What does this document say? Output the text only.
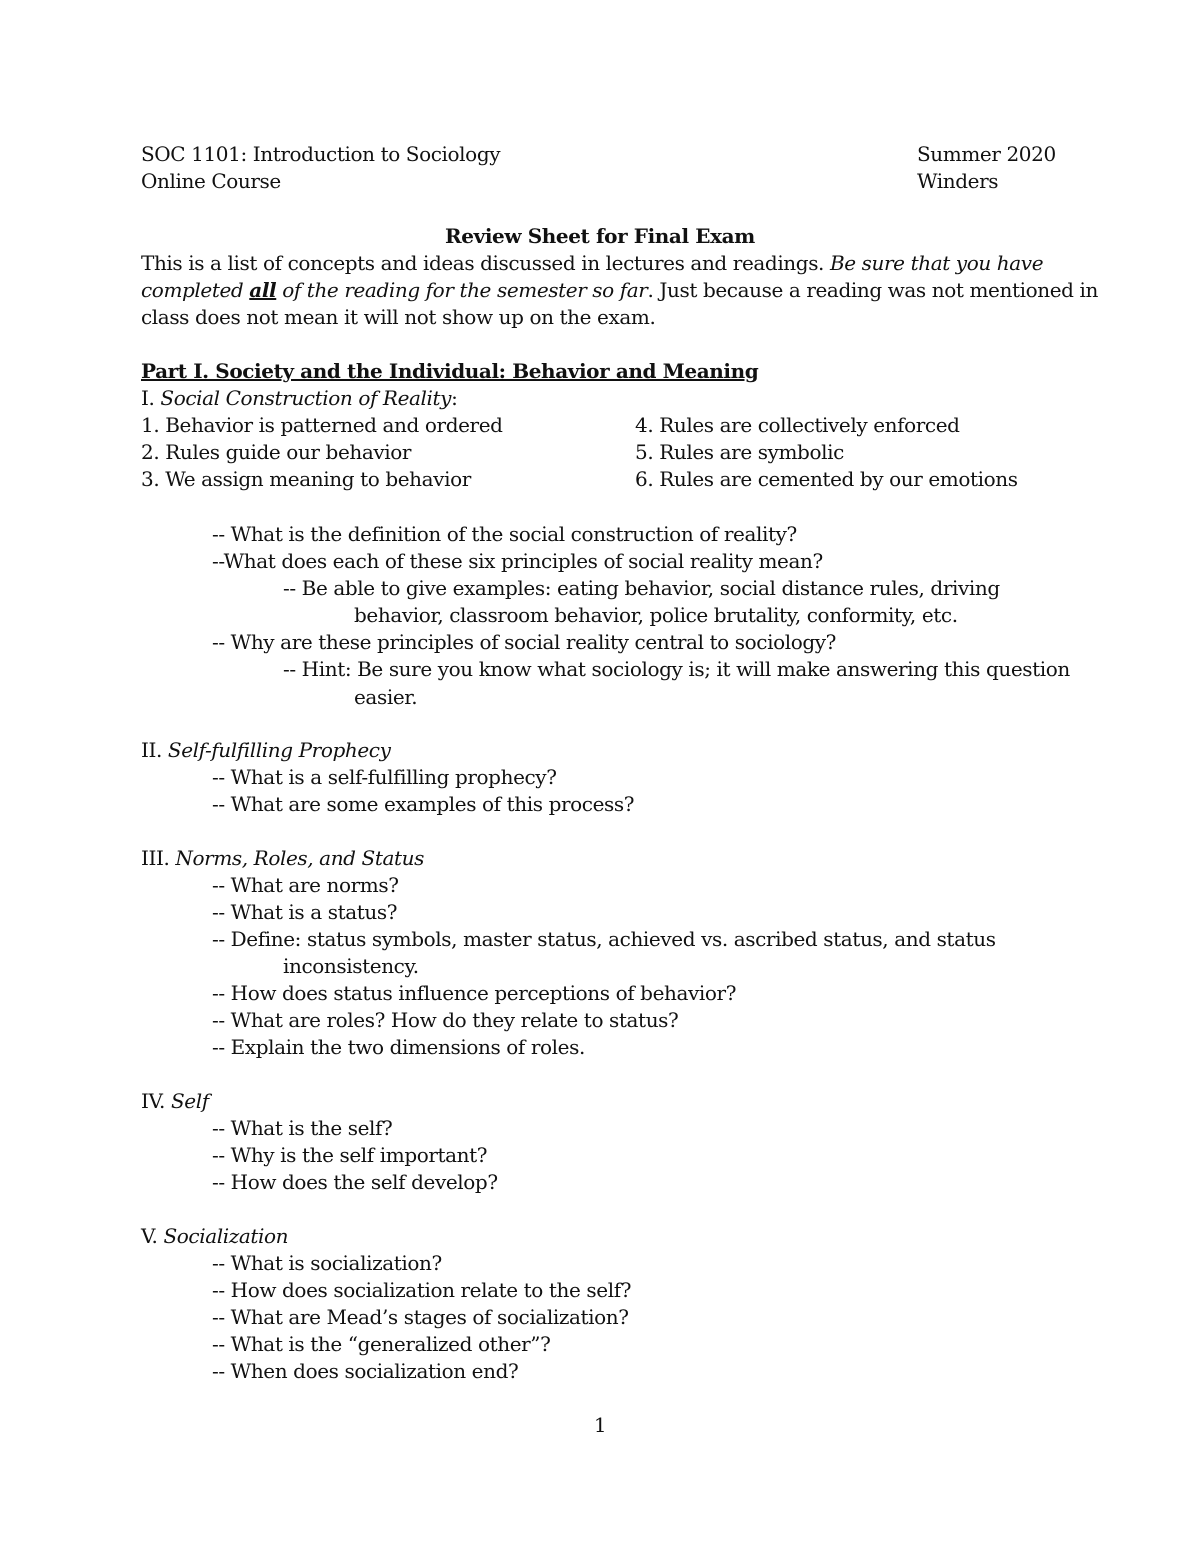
SOC 1101: Introduction to Sociology	Summer 2020
Online Course	Winders
Review Sheet for Final Exam
This is a list of concepts and ideas discussed in lectures and readings. Be sure that you have
completed all of the reading for the semester so far. Just because a reading was not mentioned in
class does not mean it will not show up on the exam.
Part I. Society and the Individual: Behavior and Meaning
I. Social Construction of Reality:
1. Behavior is patterned and ordered
2. Rules guide our behavior
3. We assign meaning to behavior
4. Rules are collectively enforced
5. Rules are symbolic
6. Rules are cemented by our emotions
-- What is the definition of the social construction of reality?
--What does each of these six principles of social reality mean?
-- Be able to give examples: eating behavior, social distance rules, driving
behavior, classroom behavior, police brutality, conformity, etc.
-- Why are these principles of social reality central to sociology?
-- Hint: Be sure you know what sociology is; it will make answering this question
easier.
II. Self-fulfilling Prophecy
-- What is a self-fulfilling prophecy?
-- What are some examples of this process?
III. Norms, Roles, and Status
-- What are norms?
-- What is a status?
-- Define: status symbols, master status, achieved vs. ascribed status, and status
inconsistency.
-- How does status influence perceptions of behavior?
-- What are roles? How do they relate to status?
-- Explain the two dimensions of roles.
IV. Self
-- What is the self?
-- Why is the self important?
-- How does the self develop?
V. Socialization
-- What is socialization?
-- How does socialization relate to the self?
-- What are Mead’s stages of socialization?
-- What is the “generalized other”?
-- When does socialization end?
1
